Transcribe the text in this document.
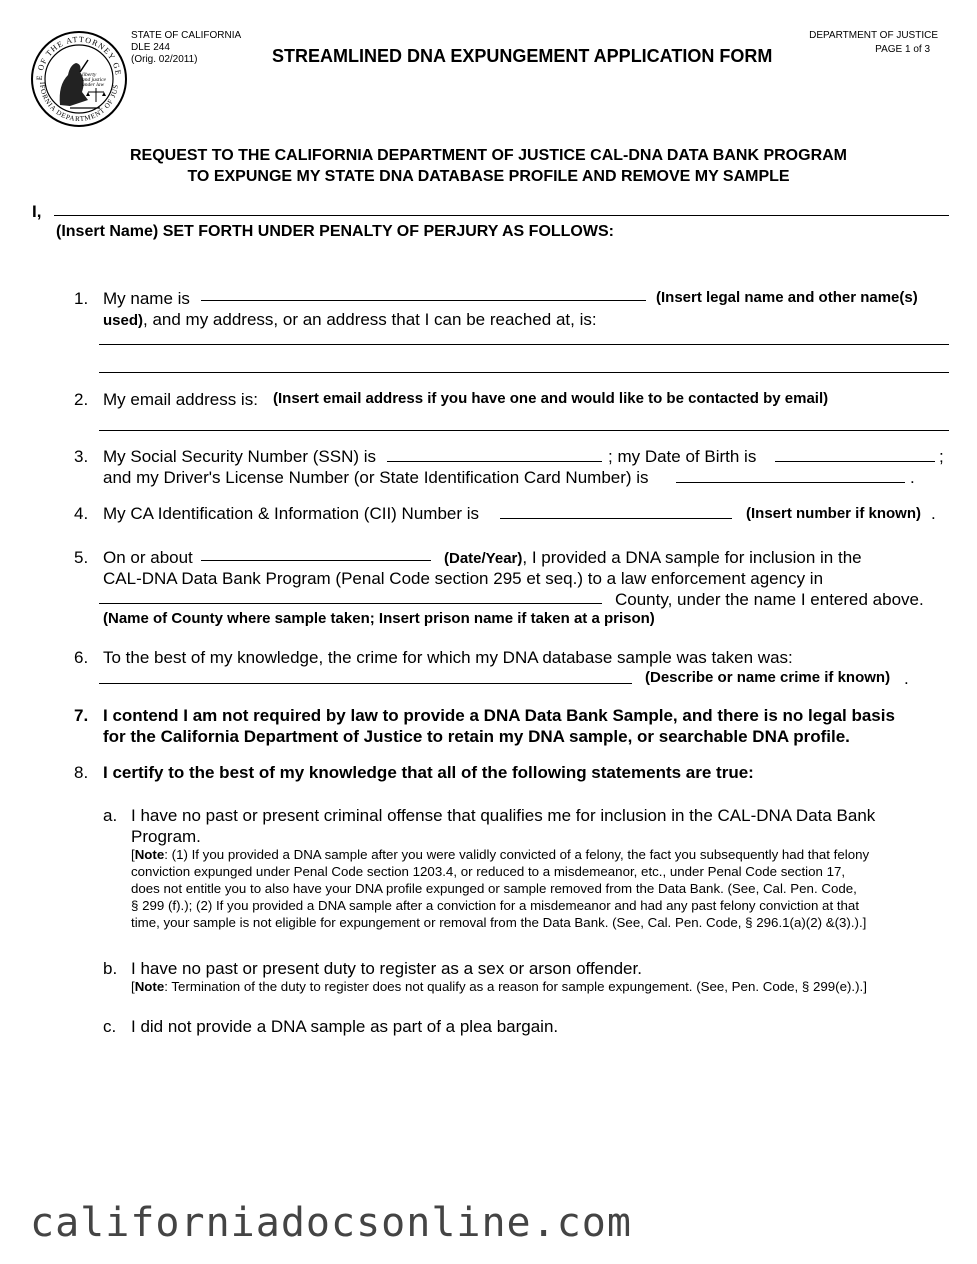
E OF THE ATTORNEY GE
IFORNIA DEPARTMENT OF JUS
liberty
and justice
under law
STATE OF CALIFORNIA
DLE 244
(Orig. 02/2011)	STREAMLINED DNA EXPUNGEMENT APPLICATION FORM
DEPARTMENT OF JUSTICE
PAGE 1 of 3
REQUEST TO THE CALIFORNIA DEPARTMENT OF JUSTICE CAL-DNA DATA BANK PROGRAM
TO EXPUNGE MY STATE DNA DATABASE PROFILE AND REMOVE MY SAMPLE
I,
(Insert Name) SET FORTH UNDER PENALTY OF PERJURY AS FOLLOWS:
1. My name is	(Insert legal name and other name(s)
used), and my address, or an address that I can be reached at, is:
2. My email address is: (Insert email address if you have one and would like to be contacted by email)
3. My Social Security Number (SSN) is	; my Date of Birth is	;
and my Driver's License Number (or State Identification Card Number) is	.
4. My CA Identification & Information (CII) Number is	(Insert number if known) .
5. On or about	(Date/Year), I provided a DNA sample for inclusion in the
CAL-DNA Data Bank Program (Penal Code section 295 et seq.) to a law enforcement agency in
County, under the name I entered above.
(Name of County where sample taken; Insert prison name if taken at a prison)
6. To the best of my knowledge, the crime for which my DNA database sample was taken was:
(Describe or name crime if known) .
7. I contend I am not required by law to provide a DNA Data Bank Sample, and there is no legal basis
for the California Department of Justice to retain my DNA sample, or searchable DNA profile.
8. I certify to the best of my knowledge that all of the following statements are true:
a. I have no past or present criminal offense that qualifies me for inclusion in the CAL-DNA Data Bank
Program.
[Note: (1) If you provided a DNA sample after you were validly convicted of a felony, the fact you subsequently had that felony
conviction expunged under Penal Code section 1203.4, or reduced to a misdemeanor, etc., under Penal Code section 17,
does not entitle you to also have your DNA profile expunged or sample removed from the Data Bank. (See, Cal. Pen. Code,
§ 299 (f).); (2) If you provided a DNA sample after a conviction for a misdemeanor and had any past felony conviction at that
time, your sample is not eligible for expungement or removal from the Data Bank. (See, Cal. Pen. Code, § 296.1(a)(2) &(3).).]
b. I have no past or present duty to register as a sex or arson offender.
[Note: Termination of the duty to register does not qualify as a reason for sample expungement. (See, Pen. Code, § 299(e).).]
c. I did not provide a DNA sample as part of a plea bargain.
californiadocsonline.com
